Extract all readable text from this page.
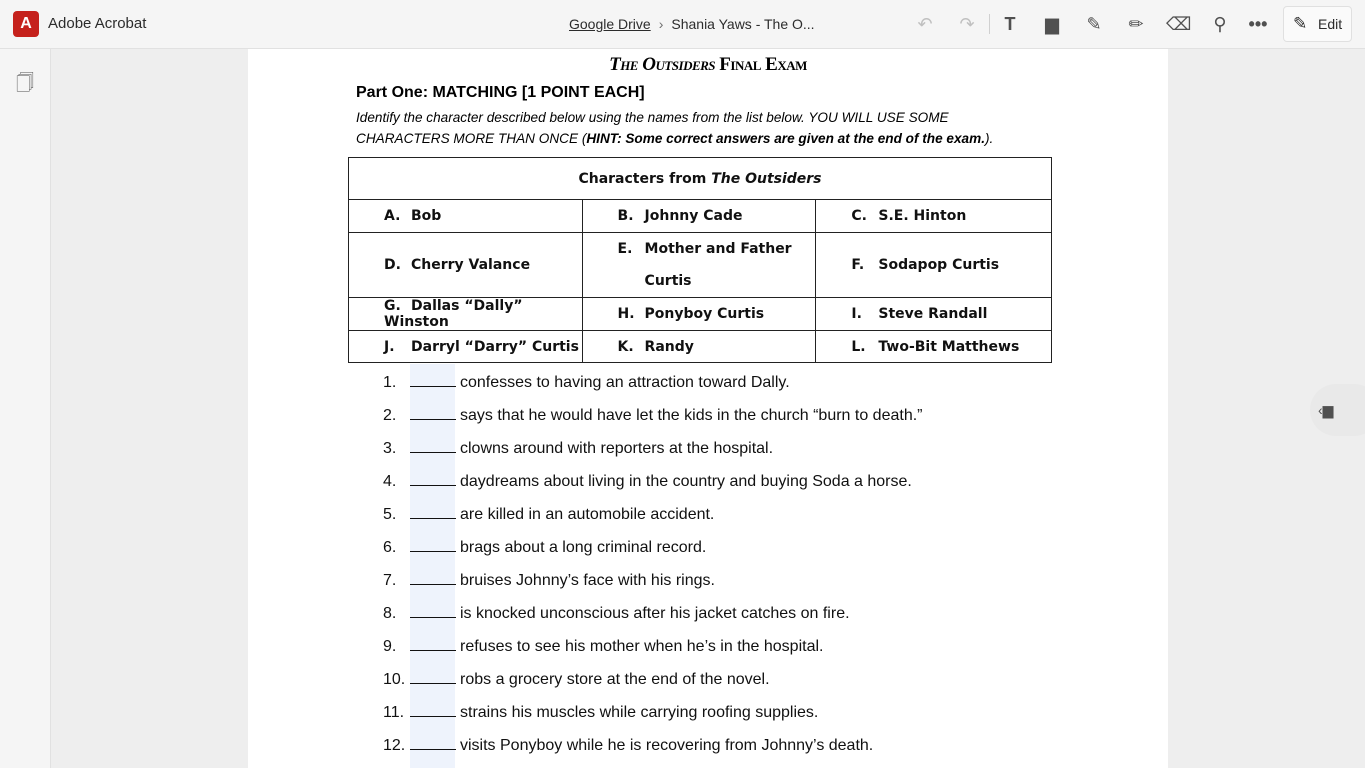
A	Adobe Acrobat	Google Drive › Shania Yaws - The O...	↶ ↷	T	▆ ✎ ✏ ⌫	⚲	••• ✎ Edit
🗍
The Outsiders Final Exam
Part One: MATCHING [1 POINT EACH]
Identify the character described below using the names from the list below. YOU WILL USE SOME CHARACTERS MORE THAN ONCE (HINT: Some correct answers are given at the end of the exam.).
Characters from The Outsiders		
A. Bob	B. Johnny Cade	C. S.E. Hinton
D. Cherry Valance	E. Mother and Father Curtis	F. Sodapop Curtis
G. Dallas “Dally” Winston	H. Ponyboy Curtis	I. Steve Randall
J. Darryl “Darry” Curtis	K. Randy	L. Two-Bit Matthews
1.	confesses to having an attraction toward Dally.
2.	says that he would have let the kids in the church “burn to death.”
3.	clowns around with reporters at the hospital.
4.	daydreams about living in the country and buying Soda a horse.
5.	are killed in an automobile accident.
6.	brags about a long criminal record.
7.	bruises Johnny’s face with his rings.
8.	is knocked unconscious after his jacket catches on fire.
9.	refuses to see his mother when he’s in the hospital.
10.	robs a grocery store at the end of the novel.
11.	strains his muscles while carrying roofing supplies.
12.	visits Ponyboy while he is recovering from Johnny’s death.
‹▆
